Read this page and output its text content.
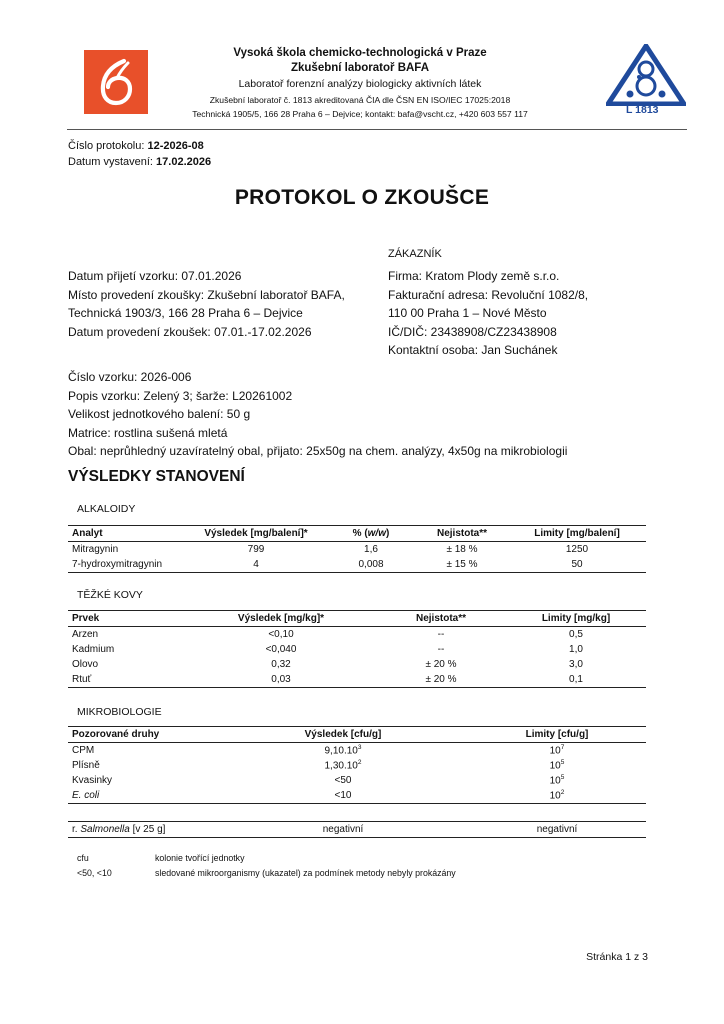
Vysoká škola chemicko-technologická v Praze
Zkušební laboratoř BAFA
Laboratoř forenzní analýzy biologicky aktivních látek
Zkušební laboratoř č. 1813 akreditovaná ČIA dle ČSN EN ISO/IEC 17025:2018
Technická 1905/5, 166 28 Praha 6 – Dejvice; kontakt: bafa@vscht.cz, +420 603 557 117	L 1813
Číslo protokolu: 12-2026-08
Datum vystavení: 17.02.2026
PROTOKOL O ZKOUŠCE
ZÁKAZNÍK
Firma: Kratom Plody země s.r.o.
Fakturační adresa: Revoluční 1082/8,
110 00 Praha 1 – Nové Město
IČ/DIČ: 23438908/CZ23438908
Kontaktní osoba: Jan Suchánek
Datum přijetí vzorku: 07.01.2026
Místo provedení zkoušky: Zkušební laboratoř BAFA,
Technická 1903/3, 166 28 Praha 6 – Dejvice
Datum provedení zkoušek: 07.01.-17.02.2026
Číslo vzorku: 2026-006
Popis vzorku: Zelený 3; šarže: L20261002
Velikost jednotkového balení: 50 g
Matrice: rostlina sušená mletá
Obal: neprůhledný uzavíratelný obal, přijato: 25x50g na chem. analýzy, 4x50g na mikrobiologii
VÝSLEDKY STANOVENÍ
ALKALOIDY
Analyt	Výsledek [mg/balení]*	% (w/w)	Nejistota**	Limity [mg/balení]
Mitragynin	799	1,6	± 18 %	1250
7-hydroxymitragynin	4	0,008	± 15 %	50
TĚŽKÉ KOVY
Prvek	Výsledek [mg/kg]*	Nejistota**	Limity [mg/kg]
Arzen	<0,10	--	0,5
Kadmium	<0,040	--	1,0
Olovo	0,32	± 20 %	3,0
Rtuť	0,03	± 20 %	0,1
MIKROBIOLOGIE
Pozorované druhy	Výsledek [cfu/g]	Limity [cfu/g]
CPM	9,10.10$^3$	$10^7$
Plísně	1,30.10$^2$	$10^5$
Kvasinky	<50	$10^5$
E. coli	<10	$10^2$
r. Salmonella [v 25 g]	negativní	negativní
cfu	kolonie tvořící jednotky
<50, <10	sledované mikroorganismy (ukazatel) za podmínek metody nebyly prokázány
Stránka 1 z 3
